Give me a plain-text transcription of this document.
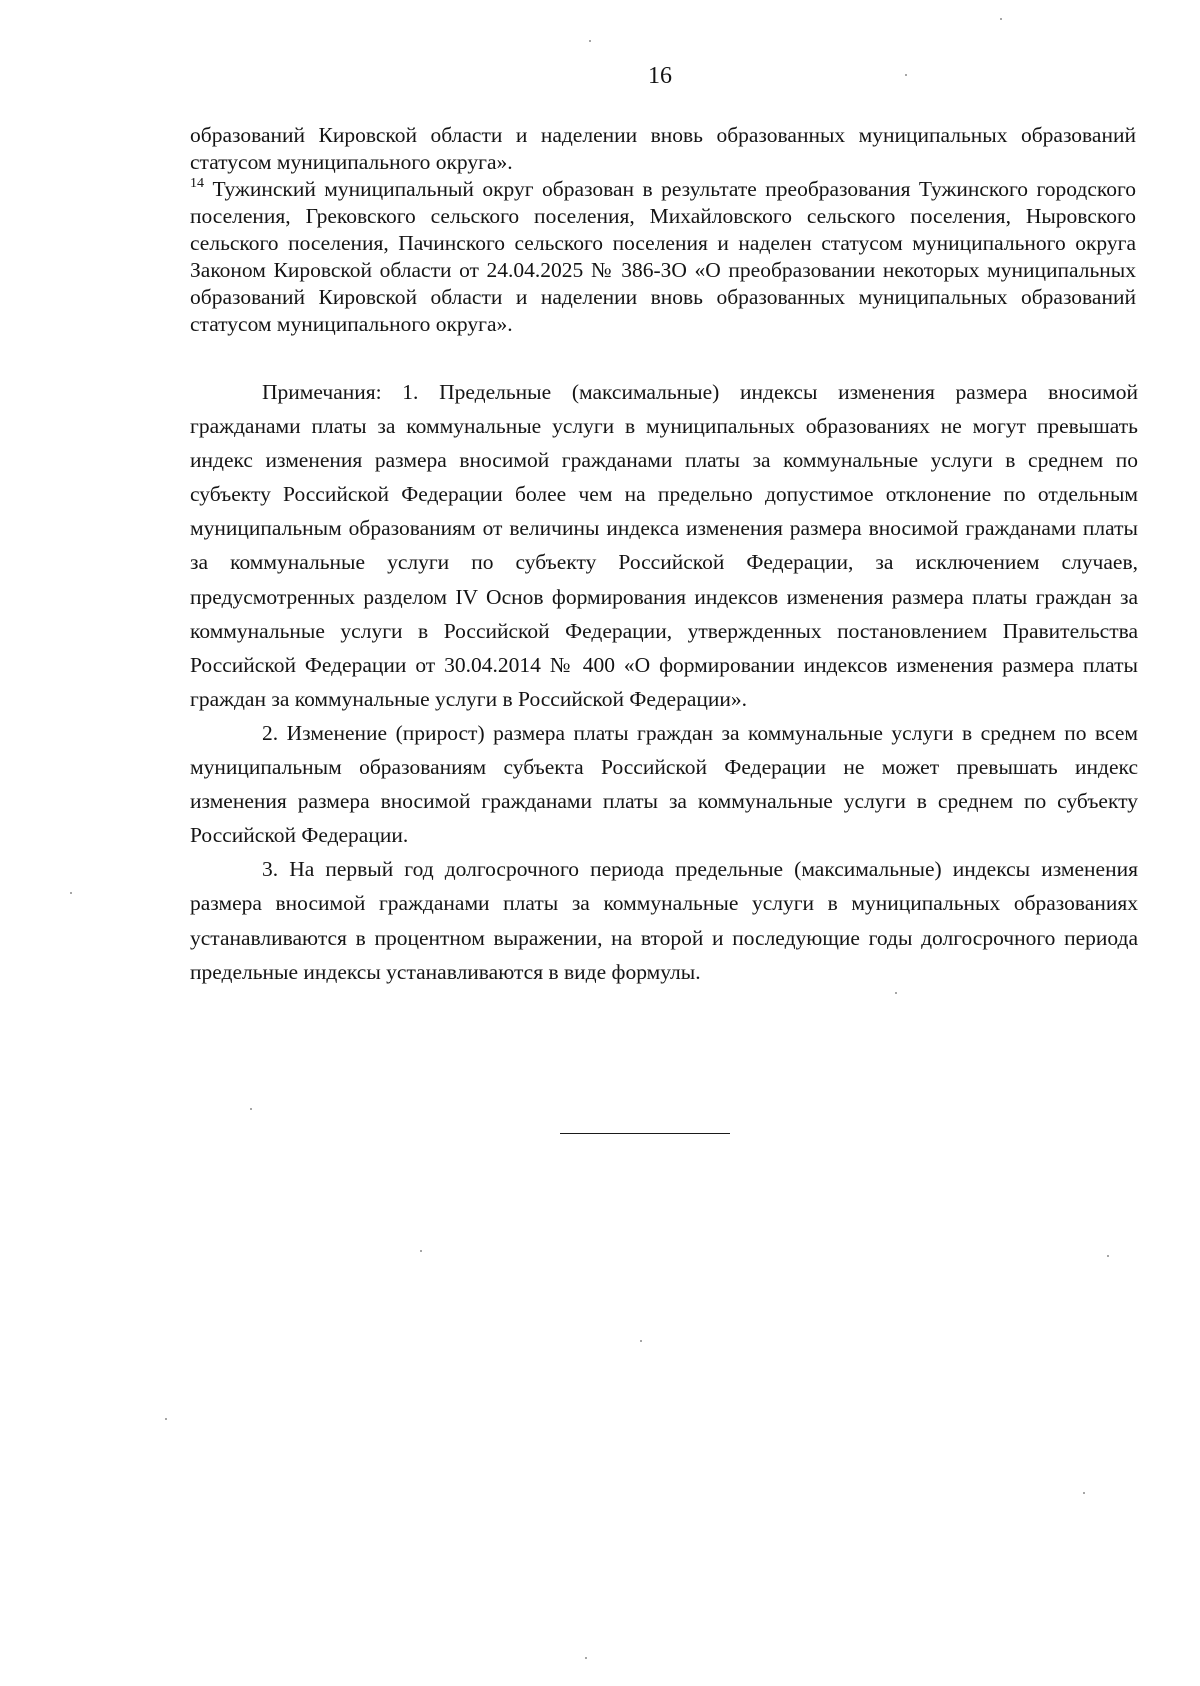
16

образований Кировской области и наделении вновь образованных муниципальных образований статусом муниципального округа».

$^{14}$ Тужинский муниципальный округ образован в результате преобразования Тужинского городского поселения, Грековского сельского поселения, Михайловского сельского поселения, Ныровского сельского поселения, Пачинского сельского поселения и наделен статусом муниципального округа Законом Кировской области от 24.04.2025 № 386-ЗО «О преобразовании некоторых муниципальных образований Кировской области и наделении вновь образованных муниципальных образований статусом муниципального округа».

Примечания: 1. Предельные (максимальные) индексы изменения размера вносимой гражданами платы за коммунальные услуги в муниципальных образованиях не могут превышать индекс изменения размера вносимой гражданами платы за коммунальные услуги в среднем по субъекту Российской Федерации более чем на предельно допустимое отклонение по отдельным муниципальным образованиям от величины индекса изменения размера вносимой гражданами платы за коммунальные услуги по субъекту Российской Федерации, за исключением случаев, предусмотренных разделом IV Основ формирования индексов изменения размера платы граждан за коммунальные услуги в Российской Федерации, утвержденных постановлением Правительства Российской Федерации от 30.04.2014 № 400 «О формировании индексов изменения размера платы граждан за коммунальные услуги в Российской Федерации».

2. Изменение (прирост) размера платы граждан за коммунальные услуги в среднем по всем муниципальным образованиям субъекта Российской Федерации не может превышать индекс изменения размера вносимой гражданами платы за коммунальные услуги в среднем по субъекту Российской Федерации.

3. На первый год долгосрочного периода предельные (максимальные) индексы изменения размера вносимой гражданами платы за коммунальные услуги в муниципальных образованиях устанавливаются в процентном выражении, на второй и последующие годы долгосрочного периода предельные индексы устанавливаются в виде формулы.
